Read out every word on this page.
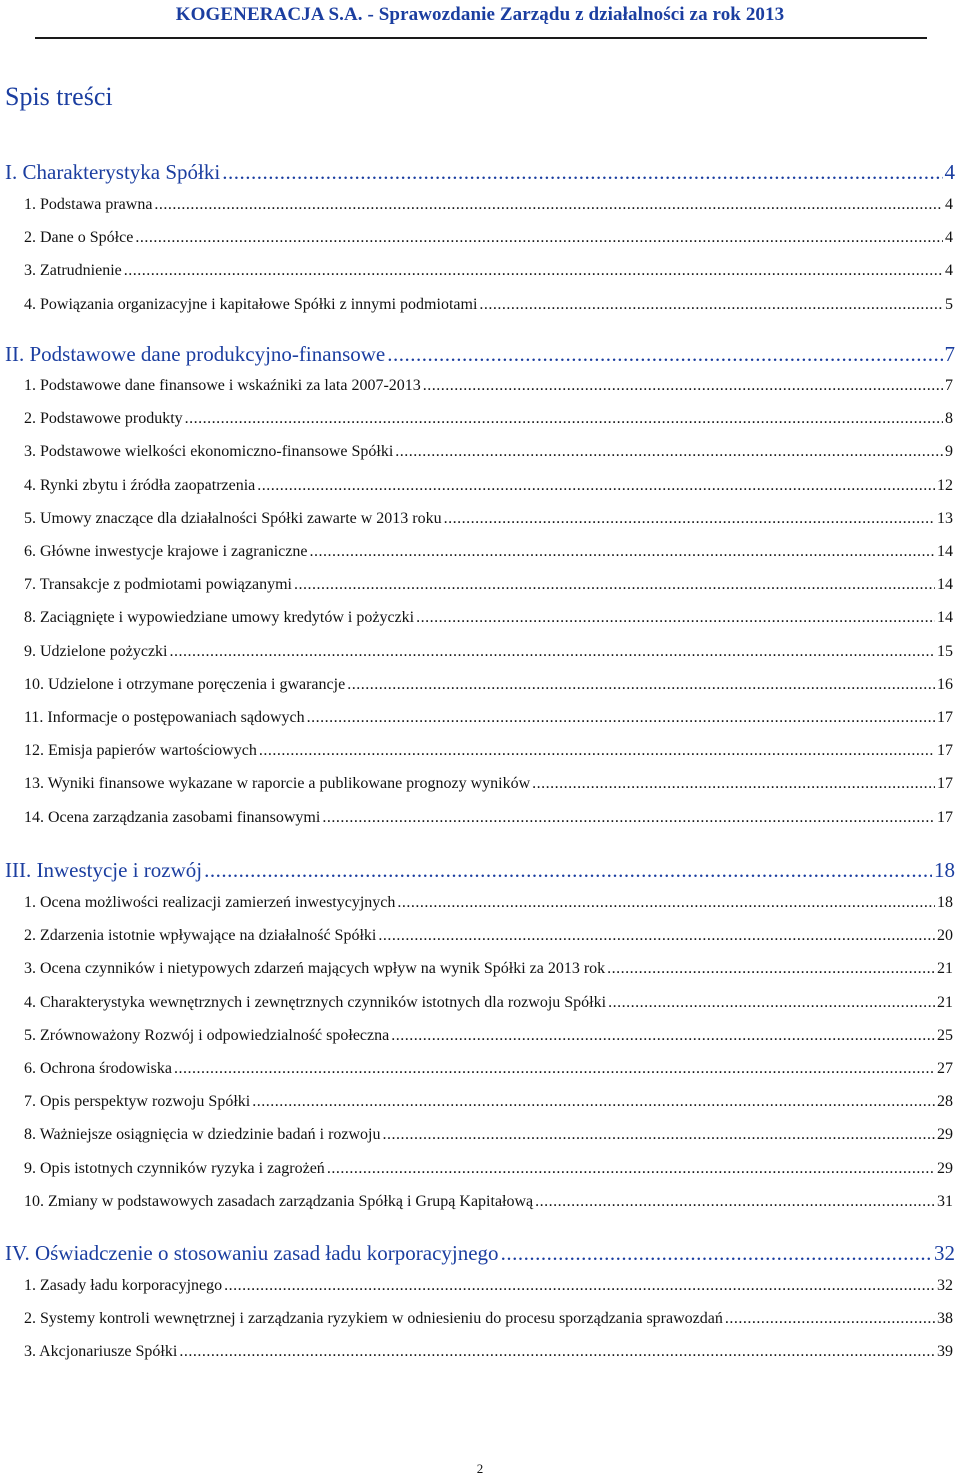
KOGENERACJA S.A. - Sprawozdanie Zarządu z działalności za rok 2013
Spis treści
I. Charakterystyka Spółki .....	4
1. Podstawa prawna .....	4
2. Dane o Spółce .....	4
3. Zatrudnienie .....	4
4. Powiązania organizacyjne i kapitałowe Spółki z innymi podmiotami .....	5
II. Podstawowe dane produkcyjno-finansowe .....	7
1. Podstawowe dane finansowe i wskaźniki za lata 2007-2013 .....	7
2. Podstawowe produkty .....	8
3. Podstawowe wielkości ekonomiczno-finansowe Spółki .....	9
4. Rynki zbytu i źródła zaopatrzenia .....	12
5. Umowy znaczące dla działalności Spółki zawarte w 2013 roku .....	13
6. Główne inwestycje krajowe i zagraniczne .....	14
7. Transakcje z podmiotami powiązanymi .....	14
8. Zaciągnięte i wypowiedziane umowy kredytów i pożyczki .....	14
9. Udzielone pożyczki .....	15
10. Udzielone i otrzymane poręczenia i gwarancje .....	16
11. Informacje o postępowaniach sądowych .....	17
12. Emisja papierów wartościowych .....	17
13. Wyniki finansowe wykazane w raporcie a publikowane prognozy wyników .....	17
14. Ocena zarządzania zasobami finansowymi .....	17
III. Inwestycje i rozwój .....	18
1. Ocena możliwości realizacji zamierzeń inwestycyjnych .....	18
2. Zdarzenia istotnie wpływające na działalność Spółki .....	20
3. Ocena czynników i nietypowych zdarzeń mających wpływ na wynik Spółki za 2013 rok .....	21
4. Charakterystyka wewnętrznych i zewnętrznych czynników istotnych dla rozwoju Spółki .....	21
5. Zrównoważony Rozwój i odpowiedzialność społeczna .....	25
6. Ochrona środowiska .....	27
7. Opis perspektyw rozwoju Spółki .....	28
8. Ważniejsze osiągnięcia w dziedzinie badań i rozwoju .....	29
9. Opis istotnych czynników ryzyka i zagrożeń .....	29
10. Zmiany w podstawowych zasadach zarządzania Spółką i Grupą Kapitałową .....	31
IV. Oświadczenie o stosowaniu zasad ładu korporacyjnego .....	32
1. Zasady ładu korporacyjnego .....	32
2. Systemy kontroli wewnętrznej i zarządzania ryzykiem w odniesieniu do procesu sporządzania sprawozdań .....	38
3. Akcjonariusze Spółki .....	39
2
